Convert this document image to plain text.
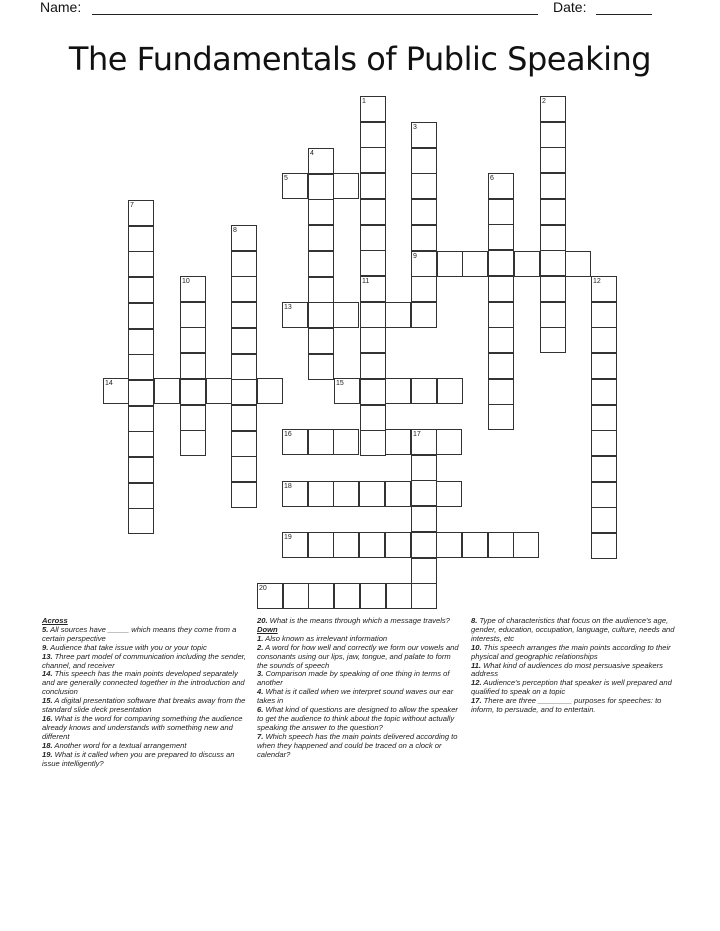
Name:	Date:
The Fundamentals of Public Speaking
1	2
3
4
5	6
7
8
9
10	11	12
13
14	15
16	17
18
19
20
Across

5. All sources have _____ which means they come from a certain perspective

9. Audience that take issue with you or your topic

13. Three part model of communication including the sender, channel, and receiver

14. This speech has the main points developed separately and are generally connected together in the introduction and conclusion

15. A digital presentation software that breaks away from the standard slide deck presentation

16. What is the word for comparing something the audience already knows and understands with something new and different

18. Another word for a textual arrangement

19. What is it called when you are prepared to discuss an issue intelligently?

20. What is the means through which a message travels?

Down

1. Also known as irrelevant information

2. A word for how well and correctly we form our vowels and consonants using our lips, jaw, tongue, and palate to form the sounds of speech

3. Comparison made by speaking of one thing in terms of another

4. What is it called when we interpret sound waves our ear takes in

6. What kind of questions are designed to allow the speaker to get the audience to think about the topic without actually speaking the answer to the question?

7. Which speech has the main points delivered according to when they happened and could be traced on a clock or calendar?

8. Type of characteristics that focus on the audience's age, gender, education, occupation, language, culture, needs and interests, etc

10. This speech arranges the main points according to their physical and geographic relationships

11. What kind of audiences do most persuasive speakers address

12. Audience's perception that speaker is well prepared and qualified to speak on a topic

17. There are three ________ purposes for speeches: to inform, to persuade, and to entertain.
